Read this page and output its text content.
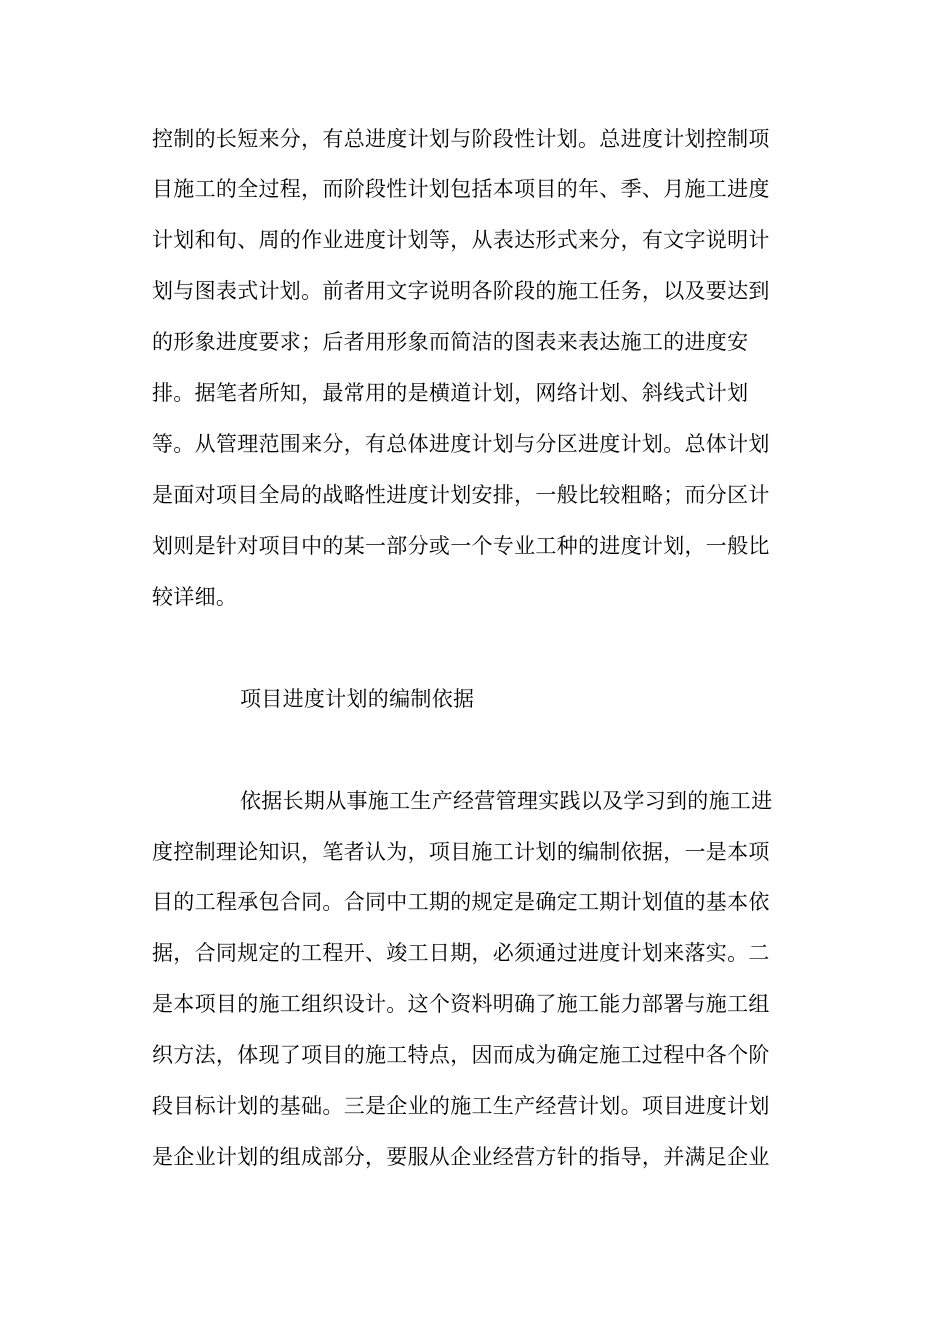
控制的长短来分，有总进度计划与阶段性计划。总进度计划控制项
目施工的全过程，而阶段性计划包括本项目的年、季、月施工进度
计划和旬、周的作业进度计划等，从表达形式来分，有文字说明计
划与图表式计划。前者用文字说明各阶段的施工任务，以及要达到
的形象进度要求；后者用形象而简洁的图表来表达施工的进度安
排。据笔者所知，最常用的是横道计划，网络计划、斜线式计划
等。从管理范围来分，有总体进度计划与分区进度计划。总体计划
是面对项目全局的战略性进度计划安排，一般比较粗略；而分区计
划则是针对项目中的某一部分或一个专业工种的进度计划，一般比
较详细。
项目进度计划的编制依据
依据长期从事施工生产经营管理实践以及学习到的施工进
度控制理论知识，笔者认为，项目施工计划的编制依据，一是本项
目的工程承包合同。合同中工期的规定是确定工期计划值的基本依
据，合同规定的工程开、竣工日期，必须通过进度计划来落实。二
是本项目的施工组织设计。这个资料明确了施工能力部署与施工组
织方法，体现了项目的施工特点，因而成为确定施工过程中各个阶
段目标计划的基础。三是企业的施工生产经营计划。项目进度计划
是企业计划的组成部分，要服从企业经营方针的指导，并满足企业
